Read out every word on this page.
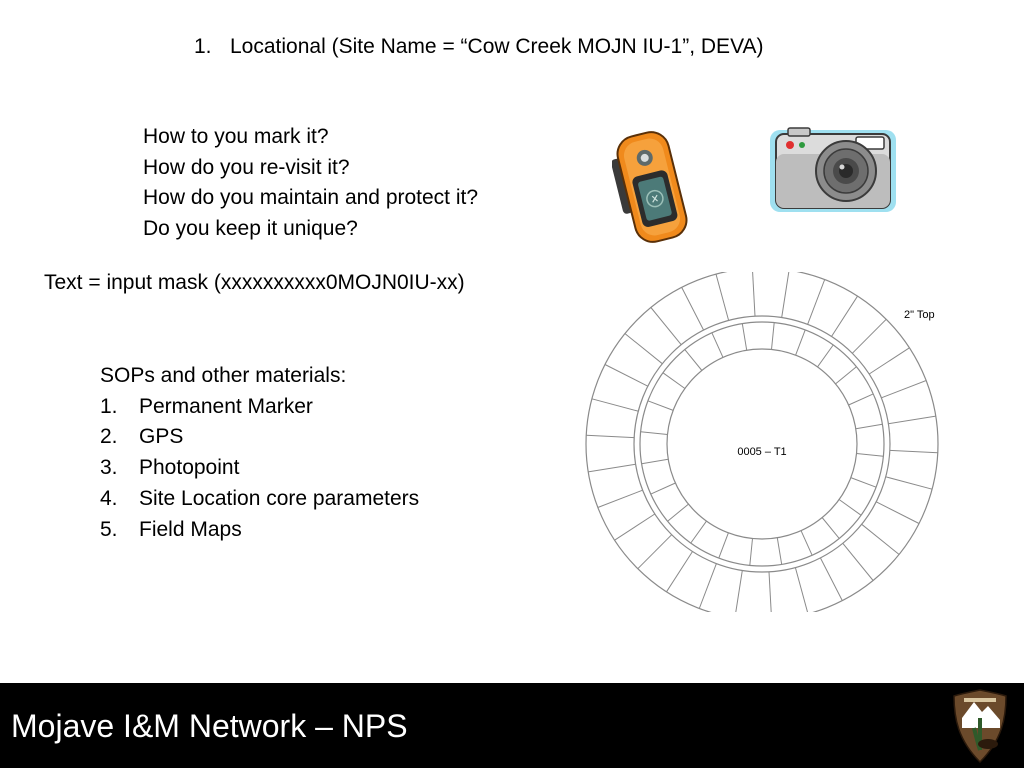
1. Locational (Site Name = “Cow Creek MOJN IU-1”, DEVA)
How to you mark it?
How do you re-visit it?
How do you maintain and protect it?
Do you keep it unique?
Text = input mask (xxxxxxxxxx0MOJN0IU-xx)
SOPs and other materials:
1. Permanent Marker
2. GPS
3. Photopoint
4. Site Location core parameters
5. Field Maps
2" Top
0005 – T1
Mojave I&M Network – NPS
